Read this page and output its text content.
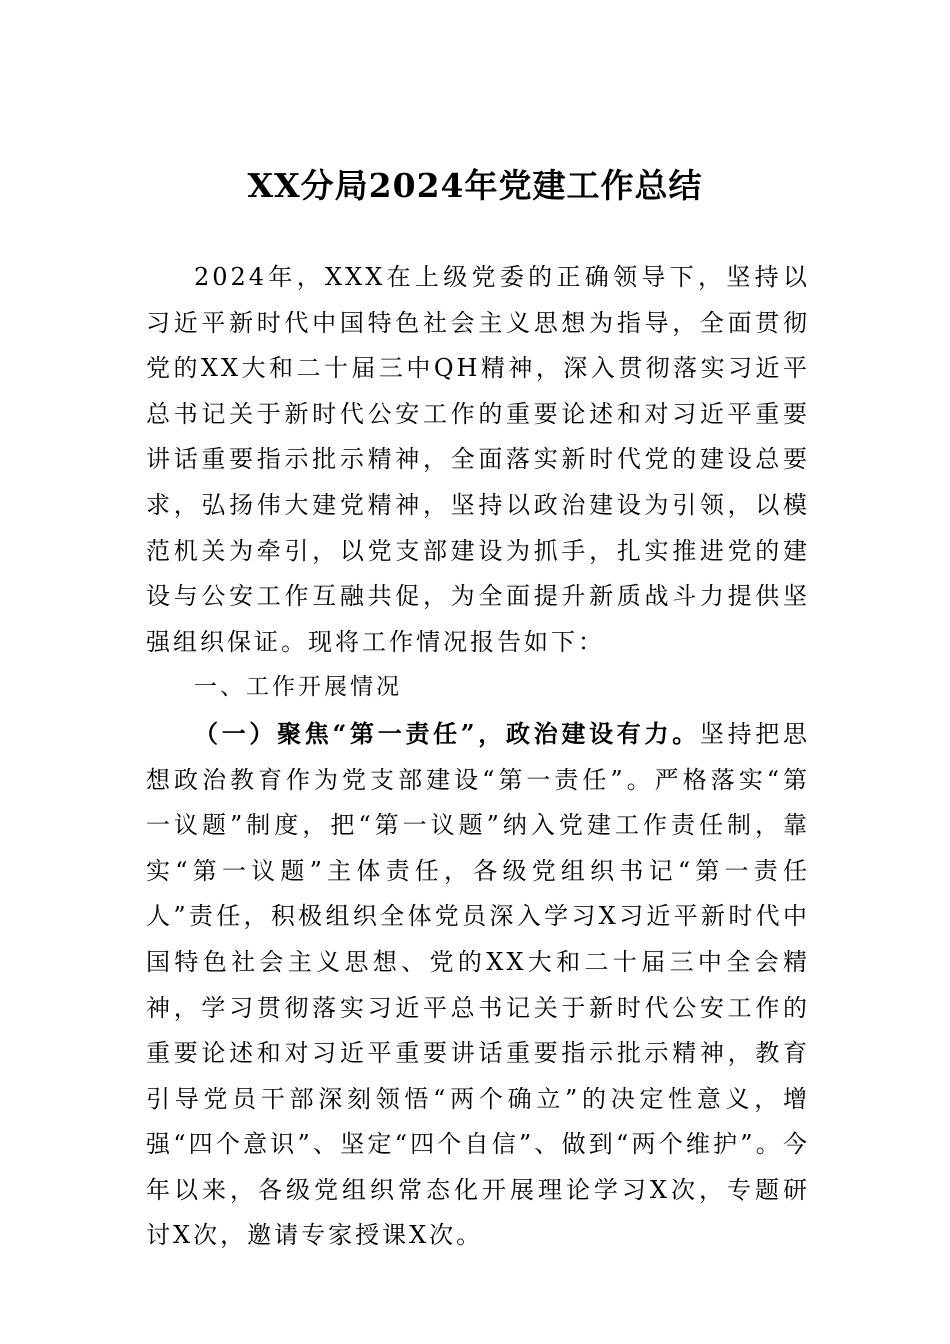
XX分局2024年党建工作总结

2024年，XXX在上级党委的正确领导下，坚持以习近平新时代中国特色社会主义思想为指导，全面贯彻党的XX大和二十届三中QH精神，深入贯彻落实习近平总书记关于新时代公安工作的重要论述和对习近平重要讲话重要指示批示精神，全面落实新时代党的建设总要求，弘扬伟大建党精神，坚持以政治建设为引领，以模范机关为牵引，以党支部建设为抓手，扎实推进党的建设与公安工作互融共促，为全面提升新质战斗力提供坚强组织保证。现将工作情况报告如下：

一、工作开展情况

（一）聚焦“第一责任”，政治建设有力。坚持把思想政治教育作为党支部建设“第一责任”。严格落实“第一议题”制度，把“第一议题”纳入党建工作责任制，靠实“第一议题”主体责任，各级党组织书记“第一责任人”责任，积极组织全体党员深入学习X习近平新时代中国特色社会主义思想、党的XX大和二十届三中全会精神，学习贯彻落实习近平总书记关于新时代公安工作的重要论述和对习近平重要讲话重要指示批示精神，教育引导党员干部深刻领悟“两个确立”的决定性意义，增强“四个意识”、坚定“四个自信”、做到“两个维护”。今年以来，各级党组织常态化开展理论学习X次，专题研讨X次，邀请专家授课X次。
